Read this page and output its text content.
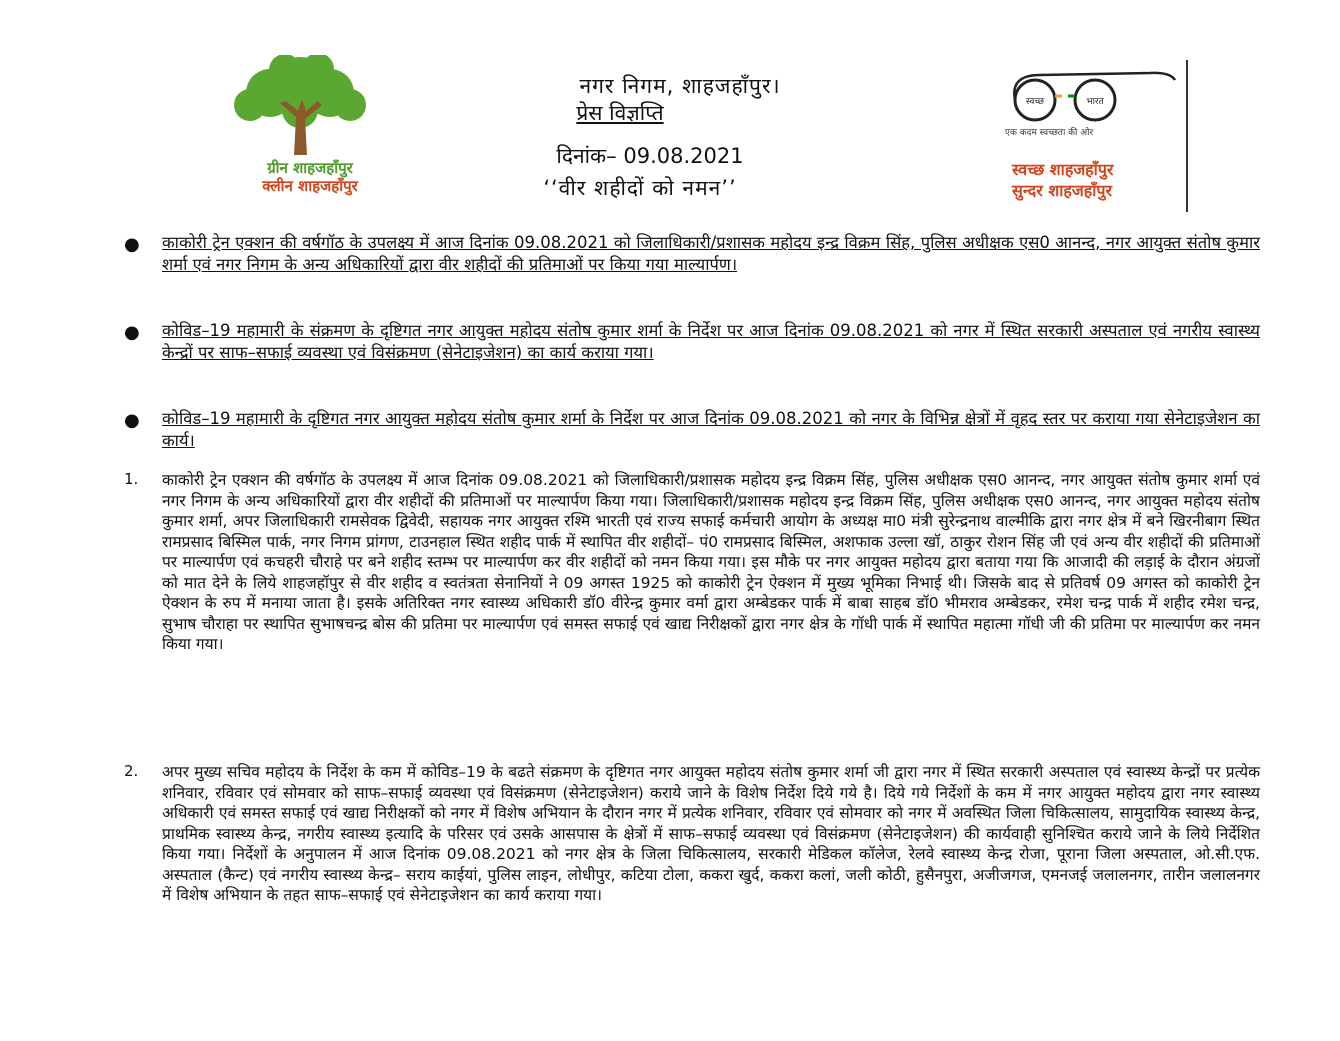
ग्रीन शाहजहाँपुर
क्लीन शाहजहाँपुर
नगर निगम, शाहजहाँपुर।
प्रेस विज्ञप्ति
दिनांक– 09.08.2021
‘‘वीर शहीदों को नमन’’
स्वच्छ	भारत
एक कदम स्वच्छता की ओर
स्वच्छ शाहजहाँपुर
सुन्दर शाहजहाँपुर
● काकोरी ट्रेन एक्शन की वर्षगॉठ के उपलक्ष्य में आज दिनांक 09.08.2021 को जिलाधिकारी/प्रशासक महोदय इन्द्र विक्रम सिंह, पुलिस अधीक्षक एस0 आनन्द, नगर आयुक्त संतोष कुमार शर्मा एवं नगर निगम के अन्य अधिकारियों द्वारा वीर शहीदों की प्रतिमाओं पर किया गया माल्यार्पण।
● कोविड–19 महामारी के संक्रमण के दृष्टिगत नगर आयुक्त महोदय संतोष कुमार शर्मा के निर्देश पर आज दिनांक 09.08.2021 को नगर में स्थित सरकारी अस्पताल एवं नगरीय स्वास्थ्य केन्द्रों पर साफ–सफाई व्यवस्था एवं विसंक्रमण (सेनेटाइजेशन) का कार्य कराया गया।
● कोविड–19 महामारी के दृष्टिगत नगर आयुक्त महोदय संतोष कुमार शर्मा के निर्देश पर आज दिनांक 09.08.2021 को नगर के विभिन्न क्षेत्रों में वृहद स्तर पर कराया गया सेनेटाइजेशन का कार्य।
1. काकोरी ट्रेन एक्शन की वर्षगॉठ के उपलक्ष्य में आज दिनांक 09.08.2021 को जिलाधिकारी/प्रशासक महोदय इन्द्र विक्रम सिंह, पुलिस अधीक्षक एस0 आनन्द, नगर आयुक्त संतोष कुमार शर्मा एवं नगर निगम के अन्य अधिकारियों द्वारा वीर शहीदों की प्रतिमाओं पर माल्यार्पण किया गया। जिलाधिकारी/प्रशासक महोदय इन्द्र विक्रम सिंह, पुलिस अधीक्षक एस0 आनन्द, नगर आयुक्त महोदय संतोष कुमार शर्मा, अपर जिलाधिकारी रामसेवक द्विवेदी, सहायक नगर आयुक्त रश्मि भारती एवं राज्य सफाई कर्मचारी आयोग के अध्यक्ष मा0 मंत्री सुरेन्द्रनाथ वाल्मीकि द्वारा नगर क्षेत्र में बने खिरनीबाग स्थित रामप्रसाद बिस्मिल पार्क, नगर निगम प्रांगण, टाउनहाल स्थित शहीद पार्क में स्थापित वीर शहीदों– पं0 रामप्रसाद बिस्मिल, अशफाक उल्ला खॉ, ठाकुर रोशन सिंह जी एवं अन्य वीर शहीदों की प्रतिमाओं पर माल्यार्पण एवं कचहरी चौराहे पर बने शहीद स्तम्भ पर माल्यार्पण कर वीर शहीदों को नमन किया गया। इस मौके पर नगर आयुक्त महोदय द्वारा बताया गया कि आजादी की लड़ाई के दौरान अंग्रजों को मात देने के लिये शाहजहॉपुर से वीर शहीद व स्वतंत्रता सेनानियों ने 09 अगस्त 1925 को काकोरी ट्रेन ऐक्शन में मुख्य भूमिका निभाई थी। जिसके बाद से प्रतिवर्ष 09 अगस्त को काकोरी ट्रेन ऐक्शन के रुप में मनाया जाता है। इसके अतिरिक्त नगर स्वास्थ्य अधिकारी डॉ0 वीरेन्द्र कुमार वर्मा द्वारा अम्बेडकर पार्क में बाबा साहब डॉ0 भीमराव अम्बेडकर, रमेश चन्द्र पार्क में शहीद रमेश चन्द्र, सुभाष चौराहा पर स्थापित सुभाषचन्द्र बोस की प्रतिमा पर माल्यार्पण एवं समस्त सफाई एवं खाद्य निरीक्षकों द्वारा नगर क्षेत्र के गॉधी पार्क में स्थापित महात्मा गॉधी जी की प्रतिमा पर माल्यार्पण कर नमन किया गया।
2. अपर मुख्य सचिव महोदय के निर्देश के कम में कोविड–19 के बढते संक्रमण के दृष्टिगत नगर आयुक्त महोदय संतोष कुमार शर्मा जी द्वारा नगर में स्थित सरकारी अस्पताल एवं स्वास्थ्य केन्द्रों पर प्रत्येक शनिवार, रविवार एवं सोमवार को साफ–सफाई व्यवस्था एवं विसंक्रमण (सेनेटाइजेशन) कराये जाने के विशेष निर्देश दिये गये है। दिये गये निर्देशों के कम में नगर आयुक्त महोदय द्वारा नगर स्वास्थ्य अधिकारी एवं समस्त सफाई एवं खाद्य निरीक्षकों को नगर में विशेष अभियान के दौरान नगर में प्रत्येक शनिवार, रविवार एवं सोमवार को नगर में अवस्थित जिला चिकित्सालय, सामुदायिक स्वास्थ्य केन्द्र, प्राथमिक स्वास्थ्य केन्द्र, नगरीय स्वास्थ्य इत्यादि के परिसर एवं उसके आसपास के क्षेत्रों में साफ–सफाई व्यवस्था एवं विसंक्रमण (सेनेटाइजेशन) की कार्यवाही सुनिश्चित कराये जाने के लिये निर्देशित किया गया। निर्देशों के अनुपालन में आज दिनांक 09.08.2021 को नगर क्षेत्र के जिला चिकित्सालय, सरकारी मेडिकल कॉलेज, रेलवे स्वास्थ्य केन्द्र रोजा, पूराना जिला अस्पताल, ओ.सी.एफ. अस्पताल (कैन्ट) एवं नगरीय स्वास्थ्य केन्द्र– सराय काईयां, पुलिस लाइन, लोधीपुर, कटिया टोला, ककरा खुर्द, ककरा कलां, जली कोठी, हुसैनपुरा, अजीजगज, एमनजई जलालनगर, तारीन जलालनगर में विशेष अभियान के तहत साफ–सफाई एवं सेनेटाइजेशन का कार्य कराया गया।
